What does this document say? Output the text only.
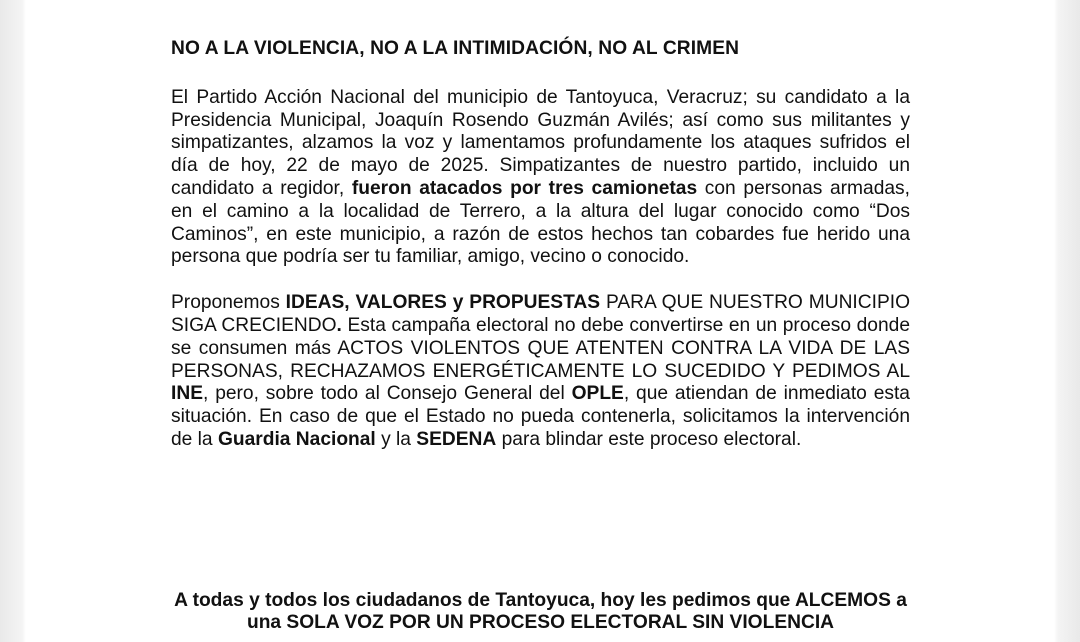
NO A LA VIOLENCIA, NO A LA INTIMIDACIÓN, NO AL CRIMEN

El Partido Acción Nacional del municipio de Tantoyuca, Veracruz; su candidato a la Presidencia Municipal, Joaquín Rosendo Guzmán Avilés; así como sus militantes y simpatizantes, alzamos la voz y lamentamos profundamente los ataques sufridos el día de hoy, 22 de mayo de 2025. Simpatizantes de nuestro partido, incluido un candidato a regidor, fueron atacados por tres camionetas con personas armadas, en el camino a la localidad de Terrero, a la altura del lugar conocido como “Dos Caminos”, en este municipio, a razón de estos hechos tan cobardes fue herido una persona que podría ser tu familiar, amigo, vecino o conocido.

Proponemos IDEAS, VALORES y PROPUESTAS PARA QUE NUESTRO MUNICIPIO SIGA CRECIENDO. Esta campaña electoral no debe convertirse en un proceso donde se consumen más ACTOS VIOLENTOS QUE ATENTEN CONTRA LA VIDA DE LAS PERSONAS, RECHAZAMOS ENERGÉTICAMENTE LO SUCEDIDO Y PEDIMOS AL INE, pero, sobre todo al Consejo General del OPLE, que atiendan de inmediato esta situación. En caso de que el Estado no pueda contenerla, solicitamos la intervención de la Guardia Nacional y la SEDENA para blindar este proceso electoral.

A todas y todos los ciudadanos de Tantoyuca, hoy les pedimos que ALCEMOS a una SOLA VOZ POR UN PROCESO ELECTORAL SIN VIOLENCIA
